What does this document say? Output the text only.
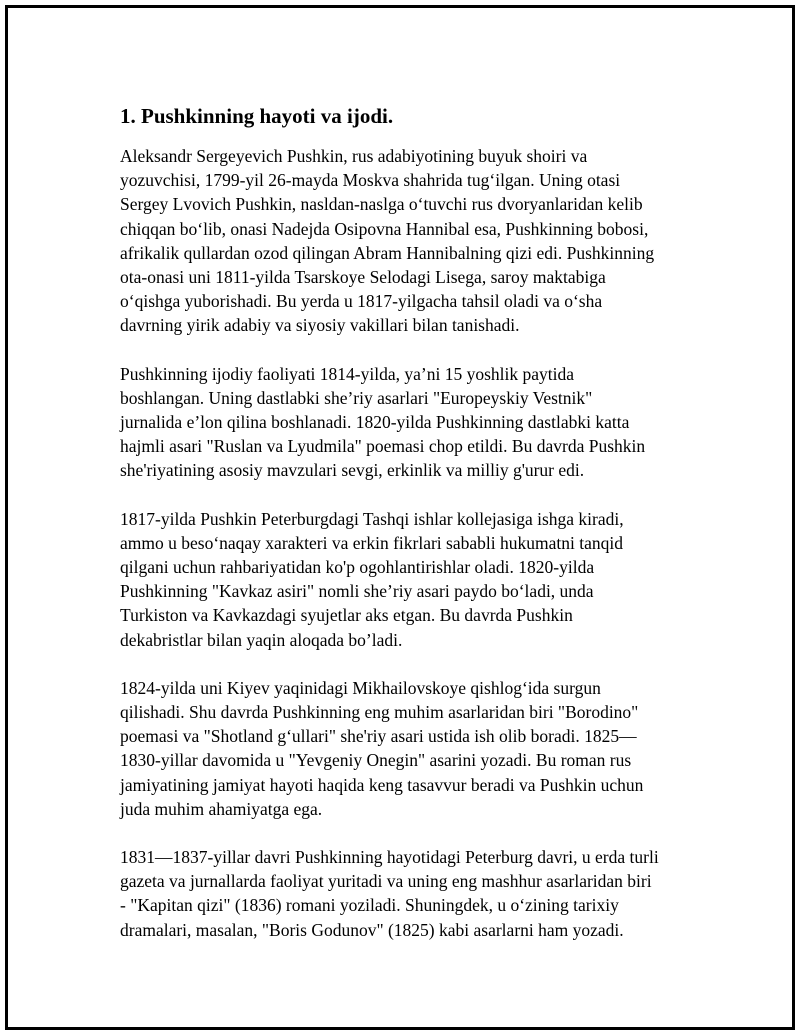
1. Pushkinning hayoti va ijodi.
Aleksandr Sergeyevich Pushkin, rus adabiyotining buyuk shoiri va
yozuvchisi, 1799-yil 26-mayda Moskva shahrida tug‘ilgan. Uning otasi
Sergey Lvovich Pushkin, nasldan-naslga o‘tuvchi rus dvoryanlaridan kelib
chiqqan bo‘lib, onasi Nadejda Osipovna Hannibal esa, Pushkinning bobosi,
afrikalik qullardan ozod qilingan Abram Hannibalning qizi edi. Pushkinning
ota-onasi uni 1811-yilda Tsarskoye Selodagi Lisega, saroy maktabiga
o‘qishga yuborishadi. Bu yerda u 1817-yilgacha tahsil oladi va o‘sha
davrning yirik adabiy va siyosiy vakillari bilan tanishadi.
Pushkinning ijodiy faoliyati 1814-yilda, ya’ni 15 yoshlik paytida
boshlangan. Uning dastlabki she’riy asarlari "Europeyskiy Vestnik"
jurnalida e’lon qilina boshlanadi. 1820-yilda Pushkinning dastlabki katta
hajmli asari "Ruslan va Lyudmila" poemasi chop etildi. Bu davrda Pushkin
she'riyatining asosiy mavzulari sevgi, erkinlik va milliy g'urur edi.
1817-yilda Pushkin Peterburgdagi Tashqi ishlar kollejasiga ishga kiradi,
ammo u beso‘naqay xarakteri va erkin fikrlari sababli hukumatni tanqid
qilgani uchun rahbariyatidan ko'p ogohlantirishlar oladi. 1820-yilda
Pushkinning "Kavkaz asiri" nomli she’riy asari paydo bo‘ladi, unda
Turkiston va Kavkazdagi syujetlar aks etgan. Bu davrda Pushkin
dekabristlar bilan yaqin aloqada bo’ladi.
1824-yilda uni Kiyev yaqinidagi Mikhailovskoye qishlog‘ida surgun
qilishadi. Shu davrda Pushkinning eng muhim asarlaridan biri "Borodino"
poemasi va "Shotland g‘ullari" she'riy asari ustida ish olib boradi. 1825—
1830-yillar davomida u "Yevgeniy Onegin" asarini yozadi. Bu roman rus
jamiyatining jamiyat hayoti haqida keng tasavvur beradi va Pushkin uchun
juda muhim ahamiyatga ega.
1831—1837-yillar davri Pushkinning hayotidagi Peterburg davri, u erda turli
gazeta va jurnallarda faoliyat yuritadi va uning eng mashhur asarlaridan biri
- "Kapitan qizi" (1836) romani yoziladi. Shuningdek, u o‘zining tarixiy
dramalari, masalan, "Boris Godunov" (1825) kabi asarlarni ham yozadi.
